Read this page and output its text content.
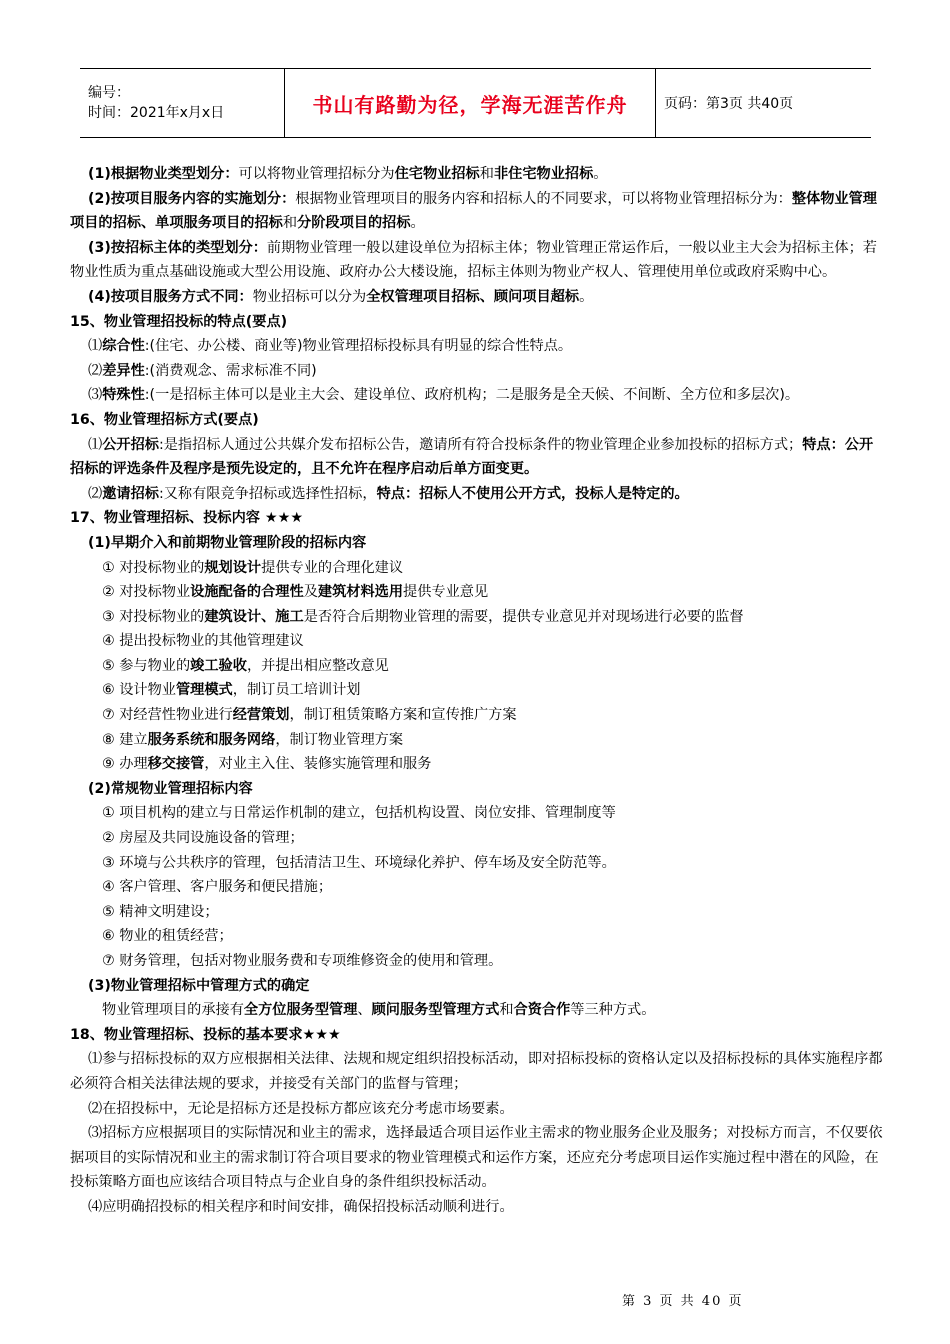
编号：
时间：2021年x月x日	书山有路勤为径，学海无涯苦作舟	页码：第3页 共40页

(1)根据物业类型划分：可以将物业管理招标分为住宅物业招标和非住宅物业招标。

(2)按项目服务内容的实施划分：根据物业管理项目的服务内容和招标人的不同要求，可以将物业管理招标分为：整体物业管理项目的招标、单项服务项目的招标和分阶段项目的招标。

(3)按招标主体的类型划分：前期物业管理一般以建设单位为招标主体；物业管理正常运作后，一般以业主大会为招标主体；若物业性质为重点基础设施或大型公用设施、政府办公大楼设施，招标主体则为物业产权人、管理使用单位或政府采购中心。

(4)按项目服务方式不同：物业招标可以分为全权管理项目招标、顾问项目超标。

15、物业管理招投标的特点(要点)

⑴综合性:(住宅、办公楼、商业等)物业管理招标投标具有明显的综合性特点。

⑵差异性:(消费观念、需求标准不同)

⑶特殊性:(一是招标主体可以是业主大会、建设单位、政府机构；二是服务是全天候、不间断、全方位和多层次)。

16、物业管理招标方式(要点)

⑴公开招标:是指招标人通过公共媒介发布招标公告，邀请所有符合投标条件的物业管理企业参加投标的招标方式；特点：公开招标的评选条件及程序是预先设定的，且不允许在程序启动后单方面变更。

⑵邀请招标:又称有限竞争招标或选择性招标，特点：招标人不使用公开方式，投标人是特定的。

17、物业管理招标、投标内容 ★★★

(1)早期介入和前期物业管理阶段的招标内容

① 对投标物业的规划设计提供专业的合理化建议

② 对投标物业设施配备的合理性及建筑材料选用提供专业意见

③ 对投标物业的建筑设计、施工是否符合后期物业管理的需要，提供专业意见并对现场进行必要的监督

④ 提出投标物业的其他管理建议

⑤ 参与物业的竣工验收，并提出相应整改意见

⑥ 设计物业管理模式，制订员工培训计划

⑦ 对经营性物业进行经营策划，制订租赁策略方案和宣传推广方案

⑧ 建立服务系统和服务网络，制订物业管理方案

⑨ 办理移交接管，对业主入住、装修实施管理和服务

(2)常规物业管理招标内容

① 项目机构的建立与日常运作机制的建立，包括机构设置、岗位安排、管理制度等

② 房屋及共同设施设备的管理；

③ 环境与公共秩序的管理，包括清洁卫生、环境绿化养护、停车场及安全防范等。

④ 客户管理、客户服务和便民措施；

⑤ 精神文明建设；

⑥ 物业的租赁经营；

⑦ 财务管理，包括对物业服务费和专项维修资金的使用和管理。

(3)物业管理招标中管理方式的确定

物业管理项目的承接有全方位服务型管理、顾问服务型管理方式和合资合作等三种方式。

18、物业管理招标、投标的基本要求★★★

⑴参与招标投标的双方应根据相关法律、法规和规定组织招投标活动，即对招标投标的资格认定以及招标投标的具体实施程序都必须符合相关法律法规的要求，并接受有关部门的监督与管理；

⑵在招投标中，无论是招标方还是投标方都应该充分考虑市场要素。

⑶招标方应根据项目的实际情况和业主的需求，选择最适合项目运作业主需求的物业服务企业及服务；对投标方而言，不仅要依据项目的实际情况和业主的需求制订符合项目要求的物业管理模式和运作方案，还应充分考虑项目运作实施过程中潜在的风险，在投标策略方面也应该结合项目特点与企业自身的条件组织投标活动。

⑷应明确招投标的相关程序和时间安排，确保招投标活动顺利进行。

第 3 页 共 40 页
